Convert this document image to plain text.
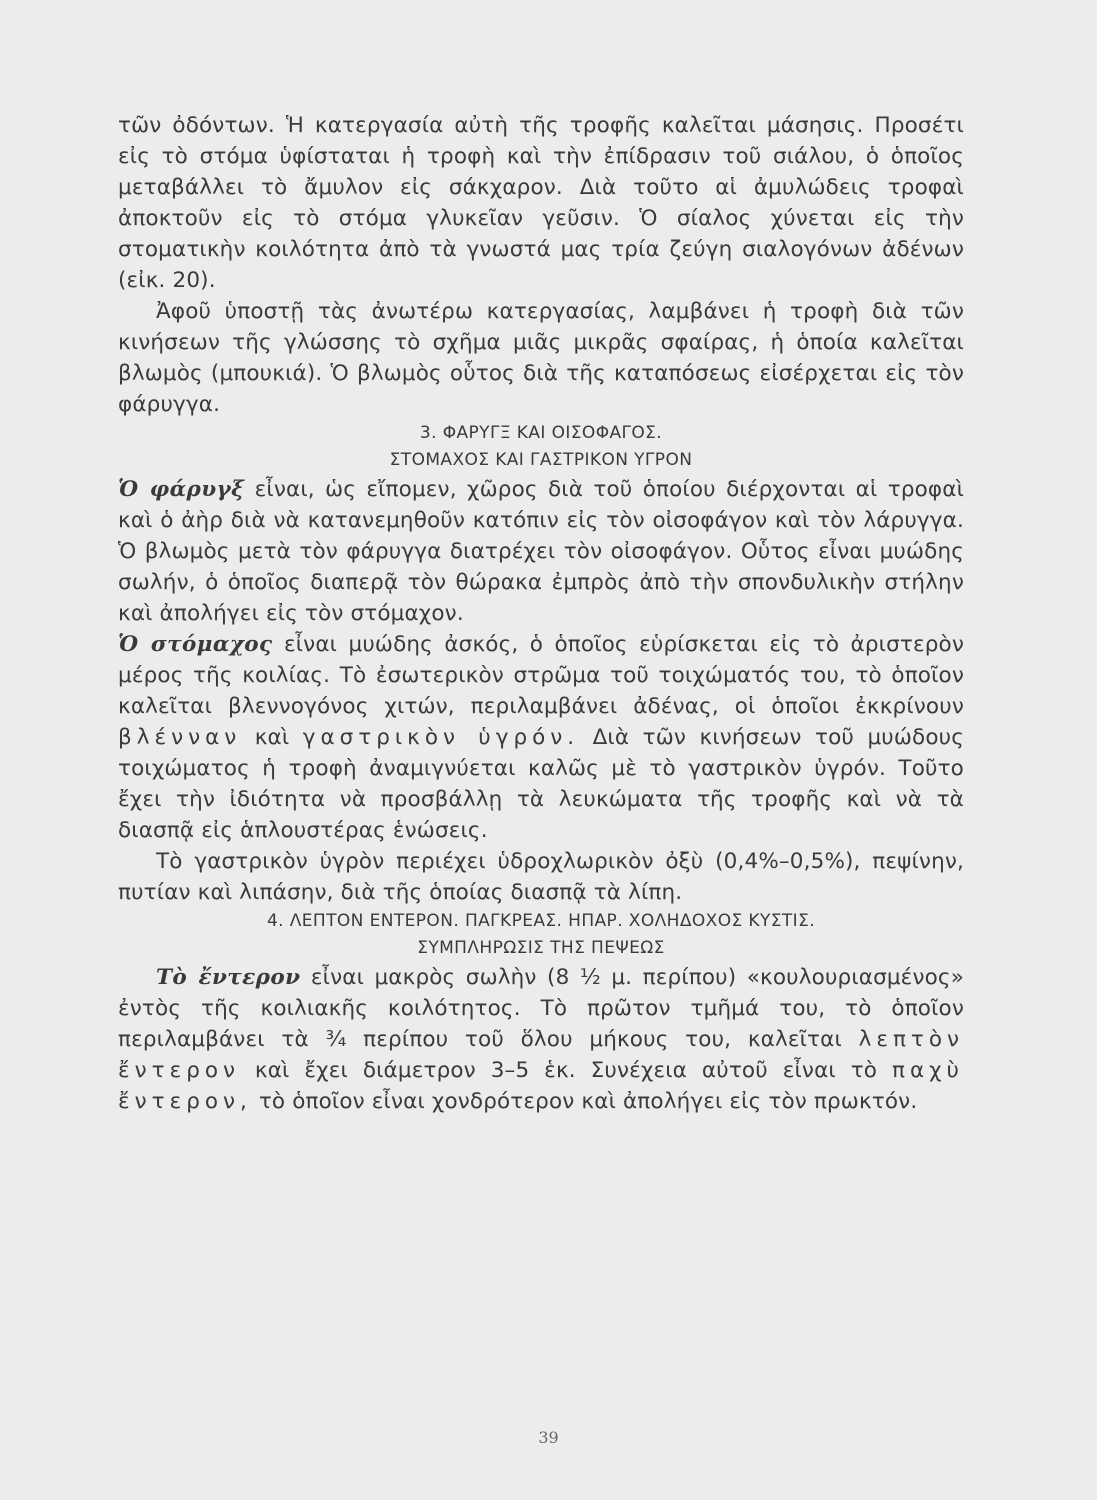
τῶν ὀδόντων. Ἡ κατεργασία αὐτὴ τῆς τροφῆς καλεῖται μάσησις. Προσέτι εἰς τὸ στόμα ὑφίσταται ἡ τροφὴ καὶ τὴν ἐπίδρασιν τοῦ σιάλου, ὁ ὁποῖος μεταβάλλει τὸ ἄμυλον εἰς σάκχαρον. Διὰ τοῦτο αἱ ἀμυλώδεις τροφαὶ ἀποκτοῦν εἰς τὸ στόμα γλυκεῖαν γεῦσιν. Ὁ σίαλος χύνεται εἰς τὴν στοματικὴν κοιλότητα ἀπὸ τὰ γνωστά μας τρία ζεύγη σιαλογόνων ἀδένων (εἰκ. 20).

Ἀφοῦ ὑποστῇ τὰς ἀνωτέρω κατεργασίας, λαμβάνει ἡ τροφὴ διὰ τῶν κινήσεων τῆς γλώσσης τὸ σχῆμα μιᾶς μικρᾶς σφαίρας, ἡ ὁποία καλεῖται βλωμὸς (μπουκιά). Ὁ βλωμὸς οὗτος διὰ τῆς καταπόσεως εἰσέρχεται εἰς τὸν φάρυγγα.

3. ΦΑΡΥΓΞ ΚΑΙ ΟΙΣΟΦΑΓΟΣ.

ΣΤΟΜΑΧΟΣ ΚΑΙ ΓΑΣΤΡΙΚΟΝ ΥΓΡΟΝ

Ὁ φάρυγξ εἶναι, ὡς εἴπομεν, χῶρος διὰ τοῦ ὁποίου διέρχονται αἱ τροφαὶ καὶ ὁ ἀὴρ διὰ νὰ κατανεμηθοῦν κατόπιν εἰς τὸν οἰσοφάγον καὶ τὸν λάρυγγα. Ὁ βλωμὸς μετὰ τὸν φάρυγγα διατρέχει τὸν οἰσοφάγον. Οὗτος εἶναι μυώδης σωλήν, ὁ ὁποῖος διαπερᾷ τὸν θώρακα ἐμπρὸς ἀπὸ τὴν σπονδυλικὴν στήλην καὶ ἀπολήγει εἰς τὸν στόμαχον.

Ὁ στόμαχος εἶναι μυώδης ἀσκός, ὁ ὁποῖος εὑρίσκεται εἰς τὸ ἀριστερὸν μέρος τῆς κοιλίας. Τὸ ἐσωτερικὸν στρῶμα τοῦ τοιχώματός του, τὸ ὁποῖον καλεῖται βλεννογόνος χιτών, περιλαμβάνει ἀδένας, οἱ ὁποῖοι ἐκκρίνουν βλένναν καὶ γαστρικὸν ὑγρόν. Διὰ τῶν κινήσεων τοῦ μυώδους τοιχώματος ἡ τροφὴ ἀναμιγνύεται καλῶς μὲ τὸ γαστρικὸν ὑγρόν. Τοῦτο ἔχει τὴν ἰδιότητα νὰ προσβάλλῃ τὰ λευκώματα τῆς τροφῆς καὶ νὰ τὰ διασπᾷ εἰς ἁπλουστέρας ἑνώσεις.

Τὸ γαστρικὸν ὑγρὸν περιέχει ὑδροχλωρικὸν ὀξὺ (0,4%–0,5%), πεψίνην, πυτίαν καὶ λιπάσην, διὰ τῆς ὁποίας διασπᾷ τὰ λίπη.

4. ΛΕΠΤΟΝ ΕΝΤΕΡΟΝ. ΠΑΓΚΡΕΑΣ. ΗΠΑΡ. ΧΟΛΗΔΟΧΟΣ ΚΥΣΤΙΣ.

ΣΥΜΠΛΗΡΩΣΙΣ ΤΗΣ ΠΕΨΕΩΣ

Τὸ ἔντερον εἶναι μακρὸς σωλὴν (8 ½ μ. περίπου) «κουλουριασμένος» ἐντὸς τῆς κοιλιακῆς κοιλότητος. Τὸ πρῶτον τμῆμά του, τὸ ὁποῖον περιλαμβάνει τὰ ¾ περίπου τοῦ ὅλου μήκους του, καλεῖται λεπτὸν ἔντερον καὶ ἔχει διάμετρον 3–5 ἑκ. Συνέχεια αὐτοῦ εἶναι τὸ παχὺ ἔντερον, τὸ ὁποῖον εἶναι χονδρότερον καὶ ἀπολήγει εἰς τὸν πρωκτόν.

39
